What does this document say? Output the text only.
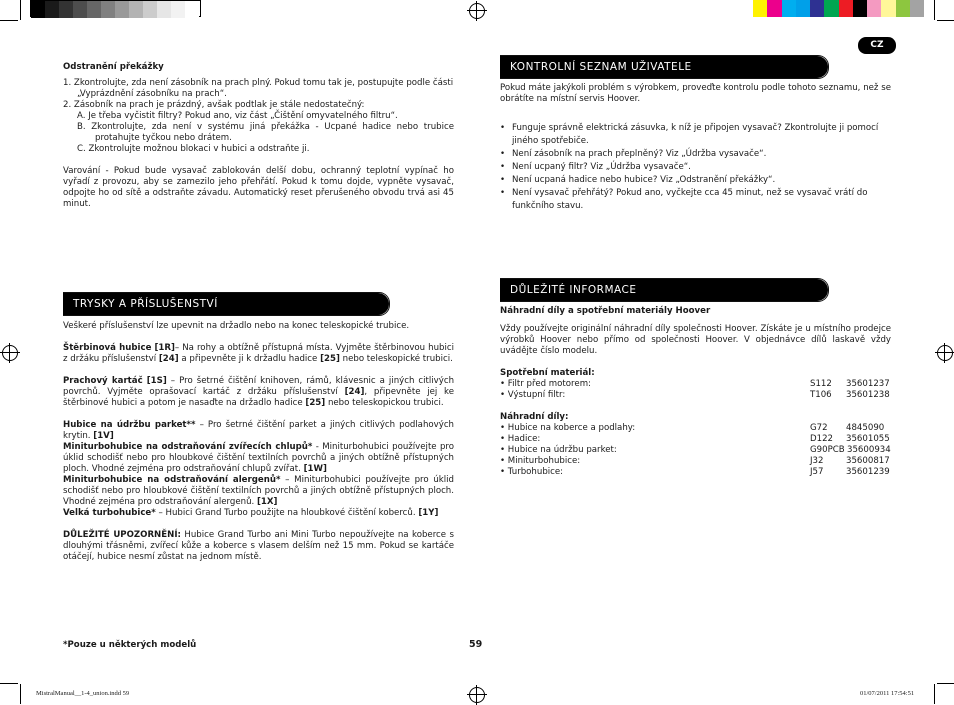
CZ
Odstranění překážky
1. Zkontrolujte, zda není zásobník na prach plný. Pokud tomu tak je, postupujte podle části
„Vyprázdnění zásobníku na prach“.
2. Zásobník na prach je prázdný, avšak podtlak je stále nedostatečný:
A. Je třeba vyčistit filtry? Pokud ano, viz část „Čištění omyvatelného filtru“.
B. Zkontrolujte, zda není v systému jiná překážka - Ucpané hadice nebo trubice
protahujte tyčkou nebo drátem.
C. Zkontrolujte možnou blokaci v hubici a odstraňte ji.
Varování - Pokud bude vysavač zablokován delší dobu, ochranný teplotní vypínač ho vyřadí z provozu, aby se zamezilo jeho přehřátí. Pokud k tomu dojde, vypněte vysavač, odpojte ho od sítě a odstraňte závadu. Automatický reset přerušeného obvodu trvá asi 45 minut.
TRYSKY A PŘÍSLUŠENSTVÍ
Veškeré příslušenství lze upevnit na držadlo nebo na konec teleskopické trubice.
Štěrbinová hubice [1R]– Na rohy a obtížně přístupná místa. Vyjměte štěrbinovou hubici z držáku příslušenství [24] a připevněte ji k držadlu hadice [25] nebo teleskopické trubici.
Prachový kartáč [1S] – Pro šetrné čištění knihoven, rámů, klávesnic a jiných citlivých povrchů. Vyjměte oprašovací kartáč z držáku příslušenství [24], připevněte jej ke štěrbinové hubici a potom je nasaďte na držadlo hadice [25] nebo teleskopickou trubici.
Hubice na údržbu parket** – Pro šetrné čištění parket a jiných citlivých podlahových krytin. [1V]
Miniturbohubice na odstraňování zvířecích chlupů* - Miniturbohubici používejte pro úklid schodišť nebo pro hloubkové čištění textilních povrchů a jiných obtížně přístupných ploch. Vhodné zejména pro odstraňování chlupů zvířat. [1W]
Miniturbohubice na odstraňování alergenů* – Miniturbohubici používejte pro úklid schodišť nebo pro hloubkové čištění textilních povrchů a jiných obtížně přístupných ploch. Vhodné zejména pro odstraňování alergenů. [1X]
Velká turbohubice* – Hubici Grand Turbo použijte na hloubkové čištění koberců. [1Y]
DŮLEŽITÉ UPOZORNĚNÍ: Hubice Grand Turbo ani Mini Turbo nepoužívejte na koberce s dlouhými třásněmi, zvířecí kůže a koberce s vlasem delším než 15 mm. Pokud se kartáče otáčejí, hubice nesmí zůstat na jednom místě.
*Pouze u některých modelů	59
KONTROLNÍ SEZNAM UŽIVATELE
Pokud máte jakýkoli problém s výrobkem, proveďte kontrolu podle tohoto seznamu, než se obrátíte na místní servis Hoover.
• Funguje správně elektrická zásuvka, k níž je připojen vysavač? Zkontrolujte ji pomocí jiného spotřebiče.
• Není zásobník na prach přeplněný? Viz „Údržba vysavače“.
• Není ucpaný filtr? Viz „Údržba vysavače“.
• Není ucpaná hadice nebo hubice? Viz „Odstranění překážky“.
• Není vysavač přehřátý? Pokud ano, vyčkejte cca 45 minut, než se vysavač vrátí do funkčního stavu.
DŮLEŽITÉ INFORMACE
Náhradní díly a spotřební materiály Hoover
Vždy používejte originální náhradní díly společnosti Hoover. Získáte je u místního prodejce výrobků Hoover nebo přímo od společnosti Hoover. V objednávce dílů laskavě vždy uvádějte číslo modelu.
Spotřební materiál:
• Filtr před motorem:	S112 35601237
• Výstupní filtr:	T106 35601238
Náhradní díly:
• Hubice na koberce a podlahy:	G72 4845090
• Hadice:	D122 35601055
• Hubice na údržbu parket:	G90PCB 35600934
• Miniturbohubice:	J32	35600817
• Turbohubice:	J57	35601239
MistralManual__1-4_union.indd 59	01/07/2011 17:54:51
